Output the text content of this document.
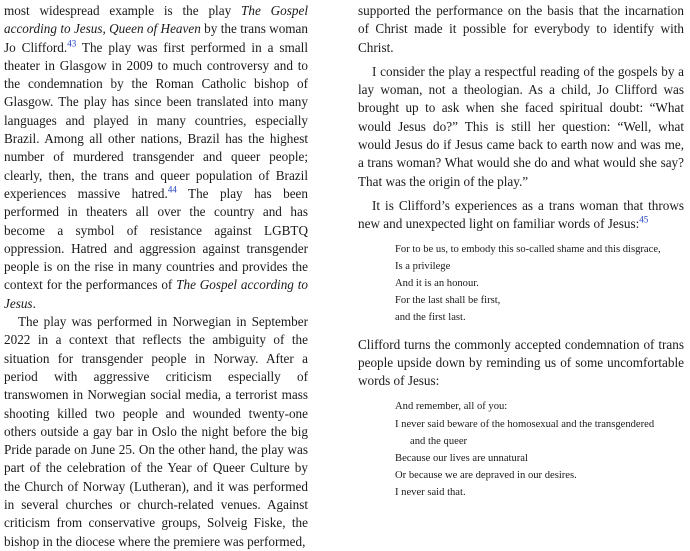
most widespread example is the play The Gospel according to Jesus, Queen of Heaven by the trans woman Jo Clifford.$^{43}$ The play was first performed in a small theater in Glasgow in 2009 to much controversy and to the condemnation by the Roman Catholic bishop of Glasgow. The play has since been translated into many languages and played in many countries, especially Brazil. Among all other nations, Brazil has the highest number of murdered transgender and queer people; clearly, then, the trans and queer population of Brazil experiences massive hatred.$^{44}$ The play has been performed in theaters all over the country and has become a symbol of resistance against LGBTQ oppression. Hatred and aggression against transgender people is on the rise in many countries and provides the context for the performances of The Gospel according to Jesus.

The play was performed in Norwegian in September 2022 in a context that reflects the ambiguity of the situation for transgender people in Norway. After a period with aggressive criticism especially of transwomen in Norwegian social media, a terrorist mass shooting killed two people and wounded twenty-one others outside a gay bar in Oslo the night before the big Pride parade on June 25. On the other hand, the play was part of the celebration of the Year of Queer Culture by the Church of Norway (Lutheran), and it was performed in several churches or church-related venues. Against criticism from conservative groups, Solveig Fiske, the bishop in the diocese where the premiere was performed,

supported the performance on the basis that the incarnation of Christ made it possible for everybody to identify with Christ.

I consider the play a respectful reading of the gospels by a lay woman, not a theologian. As a child, Jo Clifford was brought up to ask when she faced spiritual doubt: “What would Jesus do?” This is still her question: “Well, what would Jesus do if Jesus came back to earth now and was me, a trans woman? What would she do and what would she say? That was the origin of the play.”

It is Clifford’s experiences as a trans woman that throws new and unexpected light on familiar words of Jesus:$^{45}$

For to be us, to embody this so-called shame and this disgrace,
Is a privilege
And it is an honour.
For the last shall be first,
and the first last.

Clifford turns the commonly accepted condemnation of trans people upside down by reminding us of some uncomfortable words of Jesus:

And remember, all of you:
I never said beware of the homosexual and the transgendered
and the queer
Because our lives are unnatural
Or because we are depraved in our desires.
I never said that.
